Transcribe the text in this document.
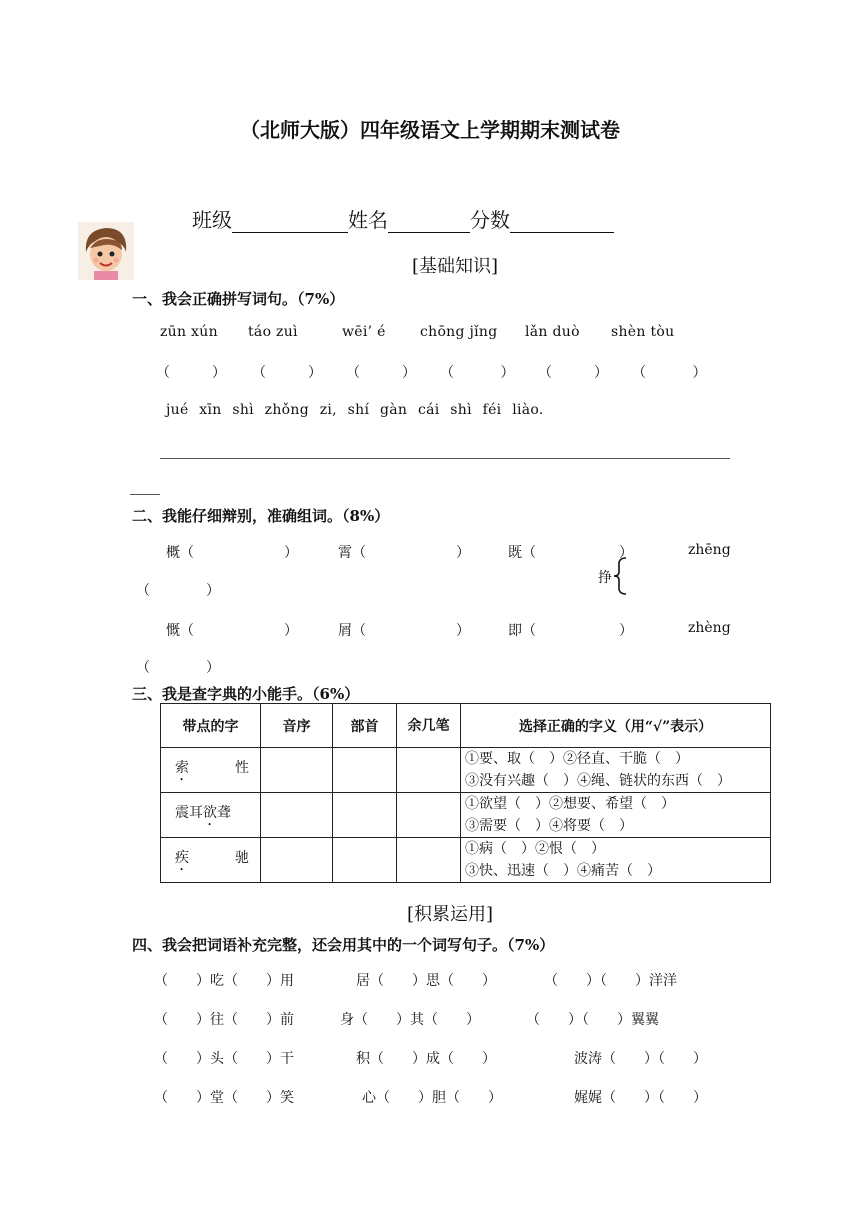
（北师大版）四年级语文上学期期末测试卷
班级	姓名	分数
[基础知识]
一、我会正确拼写词句。（7%）
zūn xún táo zuì	wēi’ é chōng jǐng lǎn duò shèn tòu
（　　　） （　　　） （　　　） （　　　 ） （　　　） （　　　 ）
jué xīn shì zhǒng zi, shí gàn cái shì féi liào.
二、我能仔细辩别，准确组词。（8%）
概（	）	霄（	）	既（	）	zhēng
（　　　　）
挣
慨（	）	屑（	）	即（	）	zhèng
（　　　　）
三、我是查字典的小能手。（6%）
带点的字	音序	部首	余几笔	选择正确的字义（用“√”表示）
索 性				①要、取（　）②径直、干脆（　）
③没有兴趣（　）④绳、链状的东西（　）

震耳欲聋				①欲望（　）②想要、希望（　）
③需要（　）④将要（　）

疾 驰				①病（　）②恨（　）
③快、迅速（　）④痛苦（　）
[积累运用]
四、我会把词语补充完整，还会用其中的一个词写句子。（7%）
（　　）吃（　　）用	居（　　）思（　　）	（　　）（　　）洋洋
（　　）往（　　）前	身（　　）其（　　）	（　　）（　　）翼翼
（　　）头（　　）干	积（　　）成（　　）	波涛（　　）（　　）
（　　）堂（　　）笑	心（　　）胆（　　）	娓娓（　　）（　　）
